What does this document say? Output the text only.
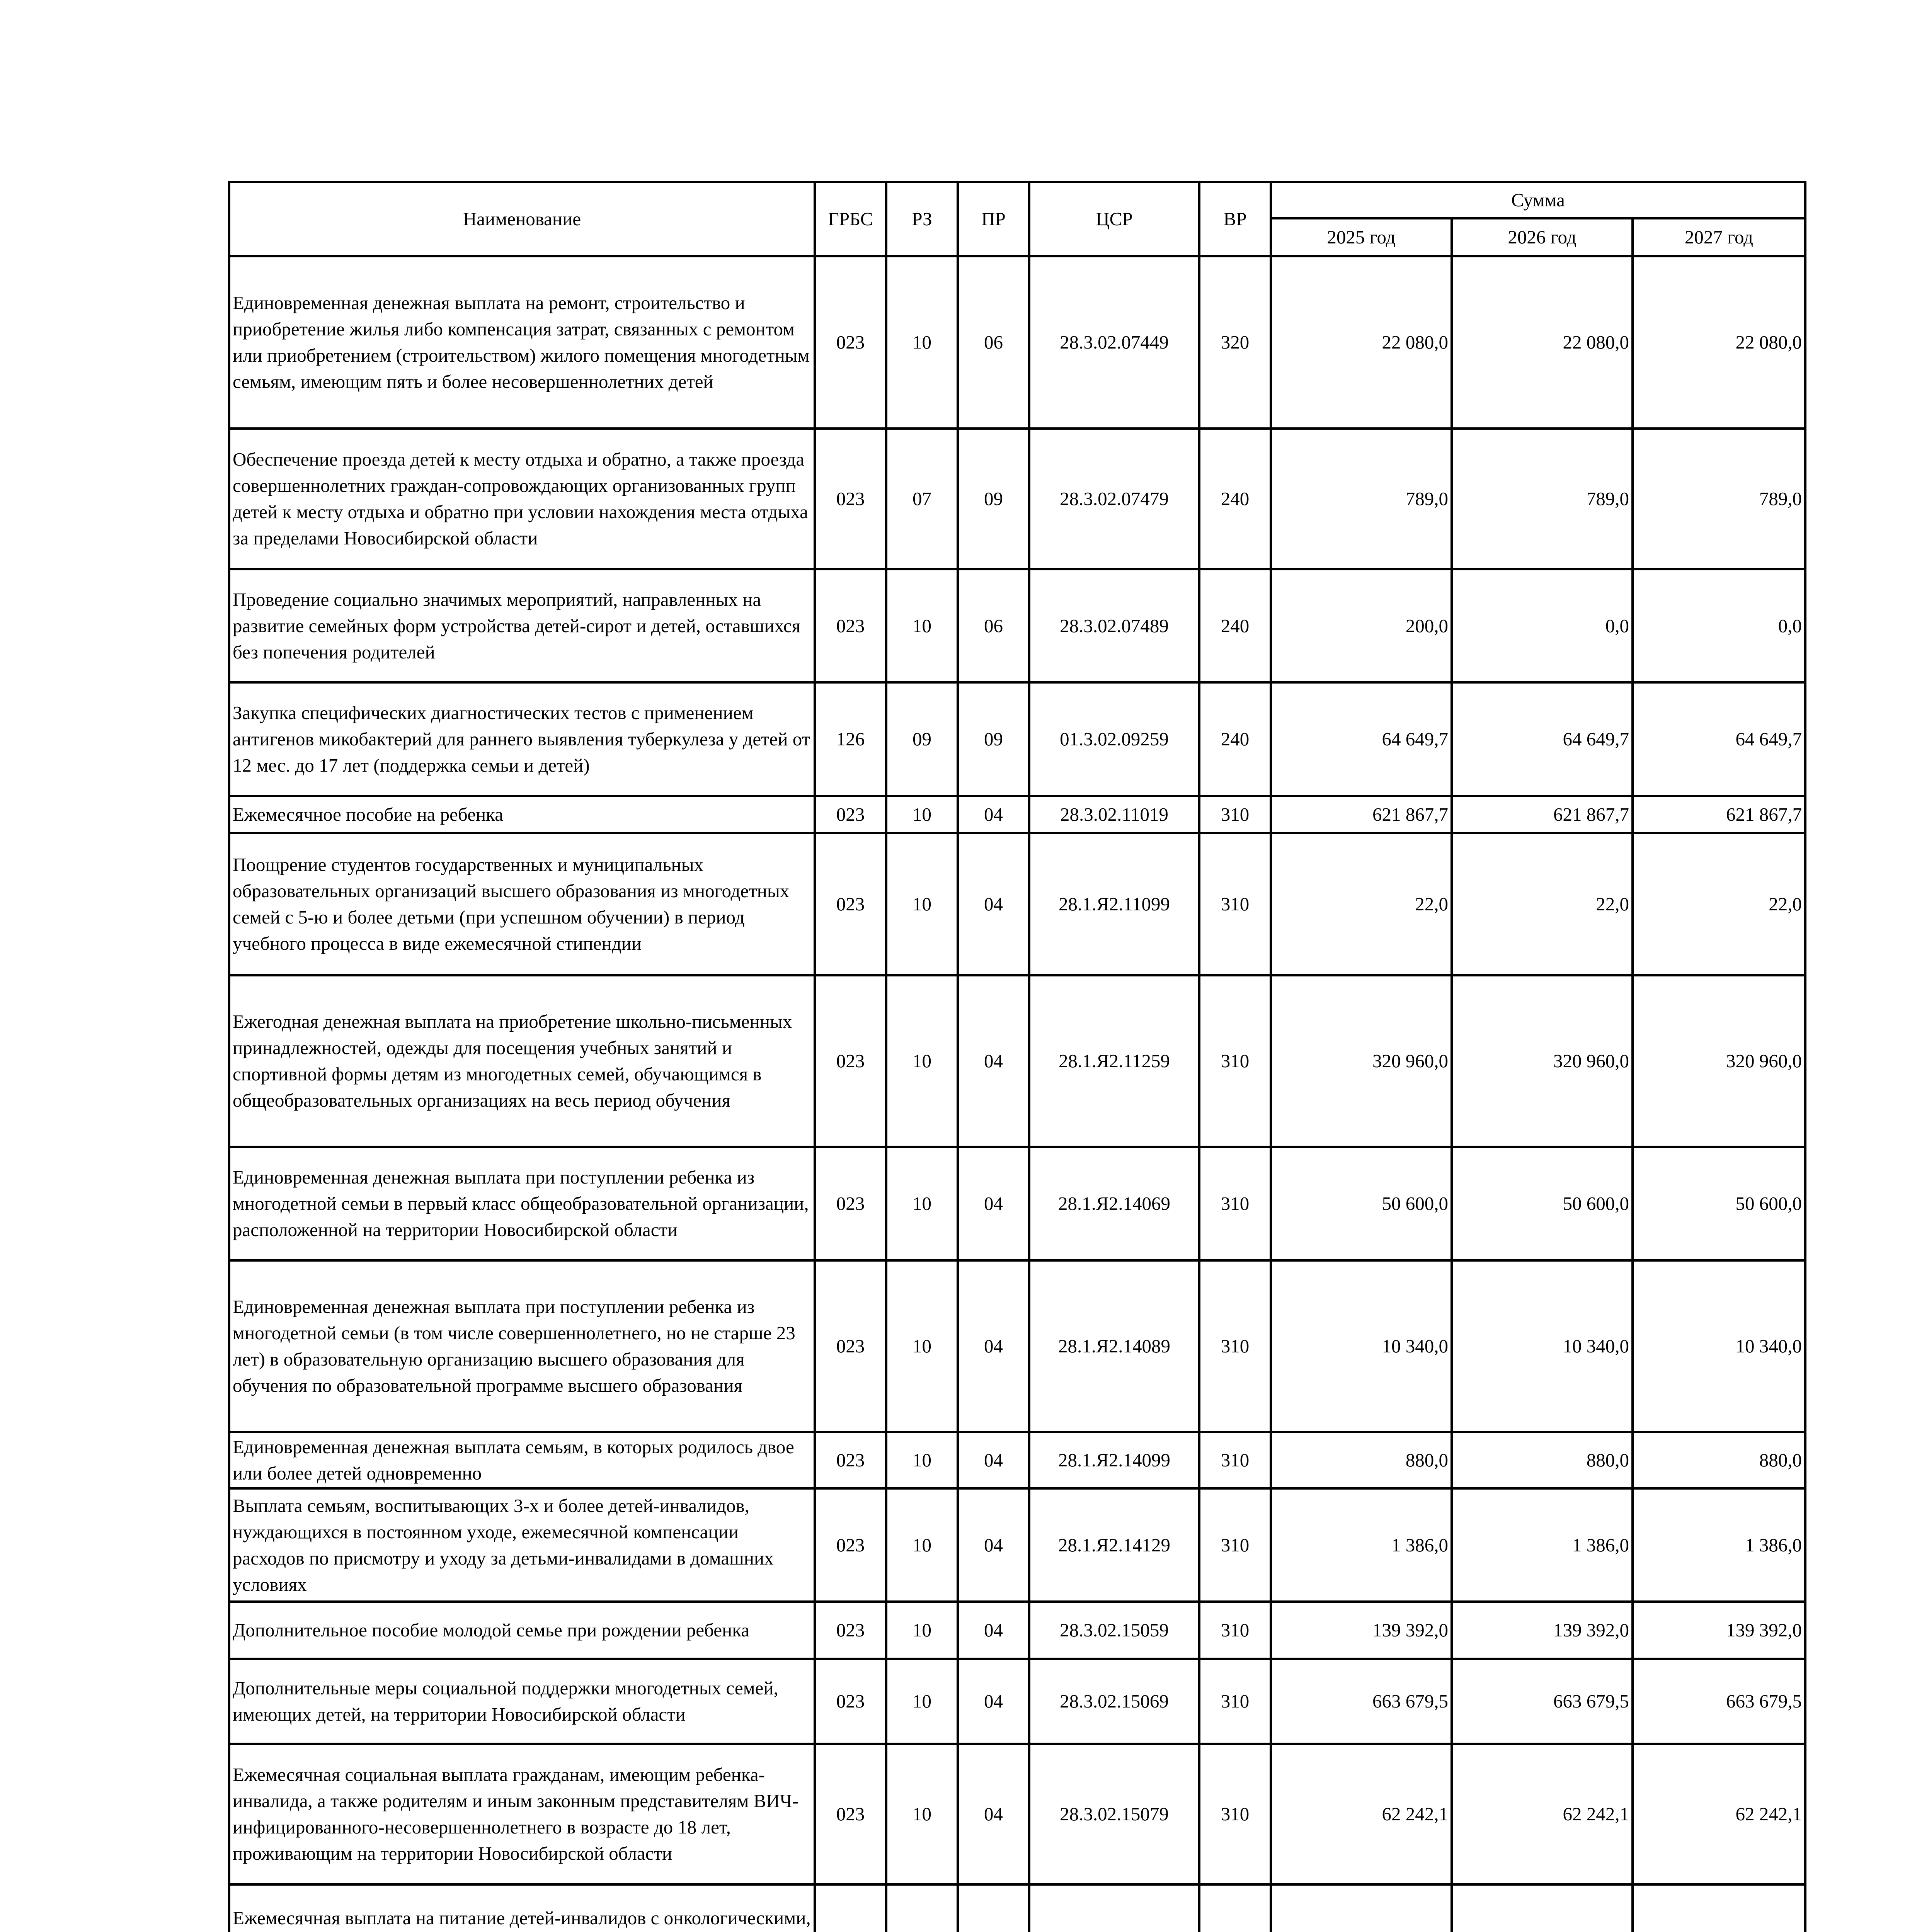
Наименование	ГРБС	РЗ	ПР	ЦСР	ВР	Сумма		
						2025 год	2026 год	2027 год
Единовременная денежная выплата на ремонт, строительство и приобретение жилья либо компенсация затрат, связанных с ремонтом или приобретением (строительством) жилого помещения многодетным семьям, имеющим пять и более несовершеннолетних детей	023	10	06	28.3.02.07449	320	22 080,0	22 080,0	22 080,0
Обеспечение проезда детей к месту отдыха и обратно, а также проезда совершеннолетних граждан-сопровождающих организованных групп детей к месту отдыха и обратно при условии нахождения места отдыха за пределами Новосибирской области	023	07	09	28.3.02.07479	240	789,0	789,0	789,0
Проведение социально значимых мероприятий, направленных на развитие семейных форм устройства детей-сирот и детей, оставшихся без попечения родителей	023	10	06	28.3.02.07489	240	200,0	0,0	0,0
Закупка специфических диагностических тестов с применением антигенов микобактерий для раннего выявления туберкулеза у детей от 12 мес. до 17 лет (поддержка семьи и детей)	126	09	09	01.3.02.09259	240	64 649,7	64 649,7	64 649,7
Ежемесячное пособие на ребенка	023	10	04	28.3.02.11019	310	621 867,7	621 867,7	621 867,7
Поощрение студентов государственных и муниципальных образовательных организаций высшего образования из многодетных семей с 5-ю и более детьми (при успешном обучении) в период учебного процесса в виде ежемесячной стипендии	023	10	04	28.1.Я2.11099	310	22,0	22,0	22,0
Ежегодная денежная выплата на приобретение школьно-письменных принадлежностей, одежды для посещения учебных занятий и спортивной формы детям из многодетных семей, обучающимся в общеобразовательных организациях на весь период обучения	023	10	04	28.1.Я2.11259	310	320 960,0	320 960,0	320 960,0
Единовременная денежная выплата при поступлении ребенка из многодетной семьи в первый класс общеобразовательной организации, расположенной на территории Новосибирской области	023	10	04	28.1.Я2.14069	310	50 600,0	50 600,0	50 600,0
Единовременная денежная выплата при поступлении ребенка из многодетной семьи (в том числе совершеннолетнего, но не старше 23 лет) в образовательную организацию высшего образования для обучения по образовательной программе высшего образования	023	10	04	28.1.Я2.14089	310	10 340,0	10 340,0	10 340,0
Единовременная денежная выплата семьям, в которых родилось двое или более детей одновременно	023	10	04	28.1.Я2.14099	310	880,0	880,0	880,0
Выплата семьям, воспитывающих 3-х и более детей-инвалидов, нуждающихся в постоянном уходе, ежемесячной компенсации расходов по присмотру и уходу за детьми-инвалидами в домашних условиях	023	10	04	28.1.Я2.14129	310	1 386,0	1 386,0	1 386,0
Дополнительное пособие молодой семье при рождении ребенка	023	10	04	28.3.02.15059	310	139 392,0	139 392,0	139 392,0
Дополнительные меры социальной поддержки многодетных семей, имеющих детей, на территории Новосибирской области	023	10	04	28.3.02.15069	310	663 679,5	663 679,5	663 679,5
Ежемесячная социальная выплата гражданам, имеющим ребенка-инвалида, а также родителям и иным законным представителям ВИЧ-инфицированного-несовершеннолетнего в возрасте до 18 лет, проживающим на территории Новосибирской области	023	10	04	28.3.02.15079	310	62 242,1	62 242,1	62 242,1
Ежемесячная выплата на питание детей-инвалидов с онкологическими,								
